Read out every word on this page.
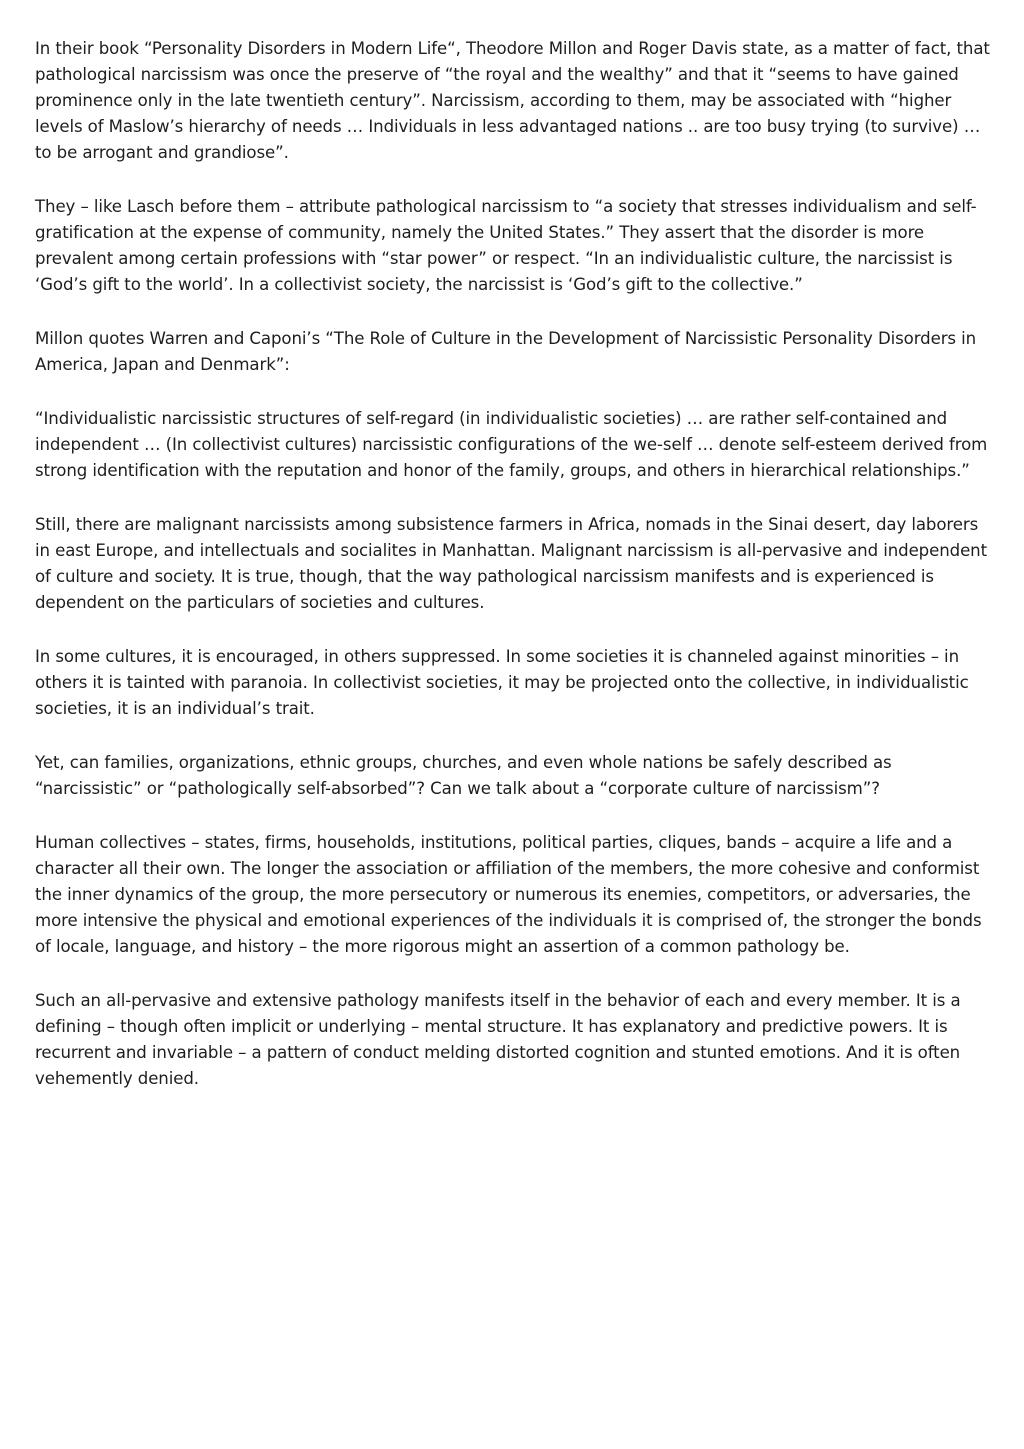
In their book “Personality Disorders in Modern Life“, Theodore Millon and Roger Davis state, as a matter of fact, that pathological narcissism was once the preserve of “the royal and the wealthy” and that it “seems to have gained prominence only in the late twentieth century”. Narcissism, according to them, may be associated with “higher levels of Maslow’s hierarchy of needs … Individuals in less advantaged nations .. are too busy trying (to survive) … to be arrogant and grandiose”.

They – like Lasch before them – attribute pathological narcissism to “a society that stresses individualism and self-gratification at the expense of community, namely the United States.” They assert that the disorder is more prevalent among certain professions with “star power” or respect. “In an individualistic culture, the narcissist is ‘God’s gift to the world’. In a collectivist society, the narcissist is ‘God’s gift to the collective.”

Millon quotes Warren and Caponi’s “The Role of Culture in the Development of Narcissistic Personality Disorders in America, Japan and Denmark”:

“Individualistic narcissistic structures of self-regard (in individualistic societies) … are rather self-contained and independent … (In collectivist cultures) narcissistic configurations of the we-self … denote self-esteem derived from strong identification with the reputation and honor of the family, groups, and others in hierarchical relationships.”

Still, there are malignant narcissists among subsistence farmers in Africa, nomads in the Sinai desert, day laborers in east Europe, and intellectuals and socialites in Manhattan. Malignant narcissism is all-pervasive and independent of culture and society. It is true, though, that the way pathological narcissism manifests and is experienced is dependent on the particulars of societies and cultures.

In some cultures, it is encouraged, in others suppressed. In some societies it is channeled against minorities – in others it is tainted with paranoia. In collectivist societies, it may be projected onto the collective, in individualistic societies, it is an individual’s trait.

Yet, can families, organizations, ethnic groups, churches, and even whole nations be safely described as “narcissistic” or “pathologically self-absorbed”? Can we talk about a “corporate culture of narcissism”?

Human collectives – states, firms, households, institutions, political parties, cliques, bands – acquire a life and a character all their own. The longer the association or affiliation of the members, the more cohesive and conformist the inner dynamics of the group, the more persecutory or numerous its enemies, competitors, or adversaries, the more intensive the physical and emotional experiences of the individuals it is comprised of, the stronger the bonds of locale, language, and history – the more rigorous might an assertion of a common pathology be.

Such an all-pervasive and extensive pathology manifests itself in the behavior of each and every member. It is a defining – though often implicit or underlying – mental structure. It has explanatory and predictive powers. It is recurrent and invariable – a pattern of conduct melding distorted cognition and stunted emotions. And it is often vehemently denied.
